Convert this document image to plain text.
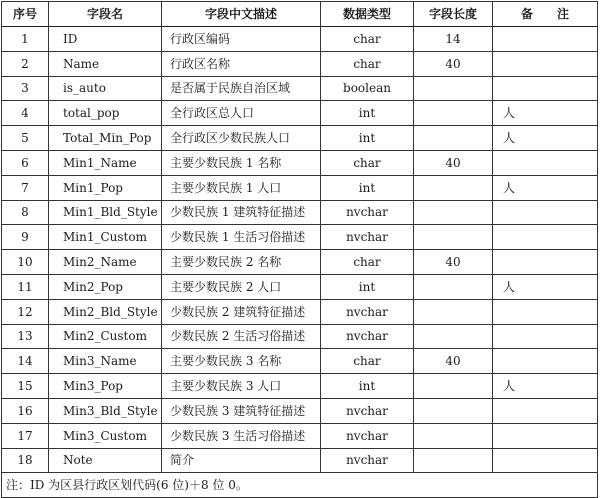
序号	字段名	字段中文描述	数据类型	字段长度	备　　注
1	ID	行政区编码	char	14	
2	Name	行政区名称	char	40	
3	is_auto	是否属于民族自治区域	boolean		
4	total_pop	全行政区总人口	int		人
5	Total_Min_Pop	全行政区少数民族人口	int		人
6	Min1_Name	主要少数民族 1 名称	char	40	
7	Min1_Pop	主要少数民族 1 人口	int		人
8	Min1_Bld_Style	少数民族 1 建筑特征描述	nvchar		
9	Min1_Custom	少数民族 1 生活习俗描述	nvchar		
10	Min2_Name	主要少数民族 2 名称	char	40	
11	Min2_Pop	主要少数民族 2 人口	int		人
12	Min2_Bld_Style	少数民族 2 建筑特征描述	nvchar		
13	Min2_Custom	少数民族 2 生活习俗描述	nvchar		
14	Min3_Name	主要少数民族 3 名称	char	40	
15	Min3_Pop	主要少数民族 3 人口	int		人
16	Min3_Bld_Style	少数民族 3 建筑特征描述	nvchar		
17	Min3_Custom	少数民族 3 生活习俗描述	nvchar		
18	Note	简介	nvchar		
注：ID 为区县行政区划代码(6 位)＋8 位 0。					
